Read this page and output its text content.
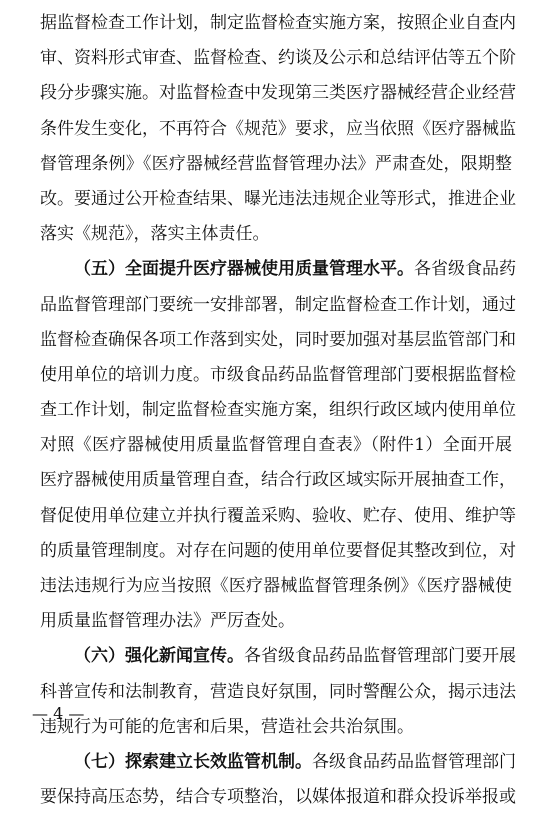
据监督检查工作计划，制定监督检查实施方案，按照企业自查内
审、资料形式审查、监督检查、约谈及公示和总结评估等五个阶
段分步骤实施。对监督检查中发现第三类医疗器械经营企业经营
条件发生变化，不再符合《规范》要求，应当依照《医疗器械监
督管理条例》《医疗器械经营监督管理办法》严肃查处，限期整
改。要通过公开检查结果、曝光违法违规企业等形式，推进企业
落实《规范》，落实主体责任。
（五）全面提升医疗器械使用质量管理水平。各省级食品药
品监督管理部门要统一安排部署，制定监督检查工作计划，通过
监督检查确保各项工作落到实处，同时要加强对基层监管部门和
使用单位的培训力度。市级食品药品监督管理部门要根据监督检
查工作计划，制定监督检查实施方案，组织行政区域内使用单位
对照《医疗器械使用质量监督管理自查表》（附件1）全面开展
医疗器械使用质量管理自查，结合行政区域实际开展抽查工作，
督促使用单位建立并执行覆盖采购、验收、贮存、使用、维护等
的质量管理制度。对存在问题的使用单位要督促其整改到位，对
违法违规行为应当按照《医疗器械监督管理条例》《医疗器械使
用质量监督管理办法》严厉查处。
（六）强化新闻宣传。各省级食品药品监督管理部门要开展
科普宣传和法制教育，营造良好氛围，同时警醒公众，揭示违法
违规行为可能的危害和后果，营造社会共治氛围。
（七）探索建立长效监管机制。各级食品药品监督管理部门
要保持高压态势，结合专项整治，以媒体报道和群众投诉举报或
— 4 —
